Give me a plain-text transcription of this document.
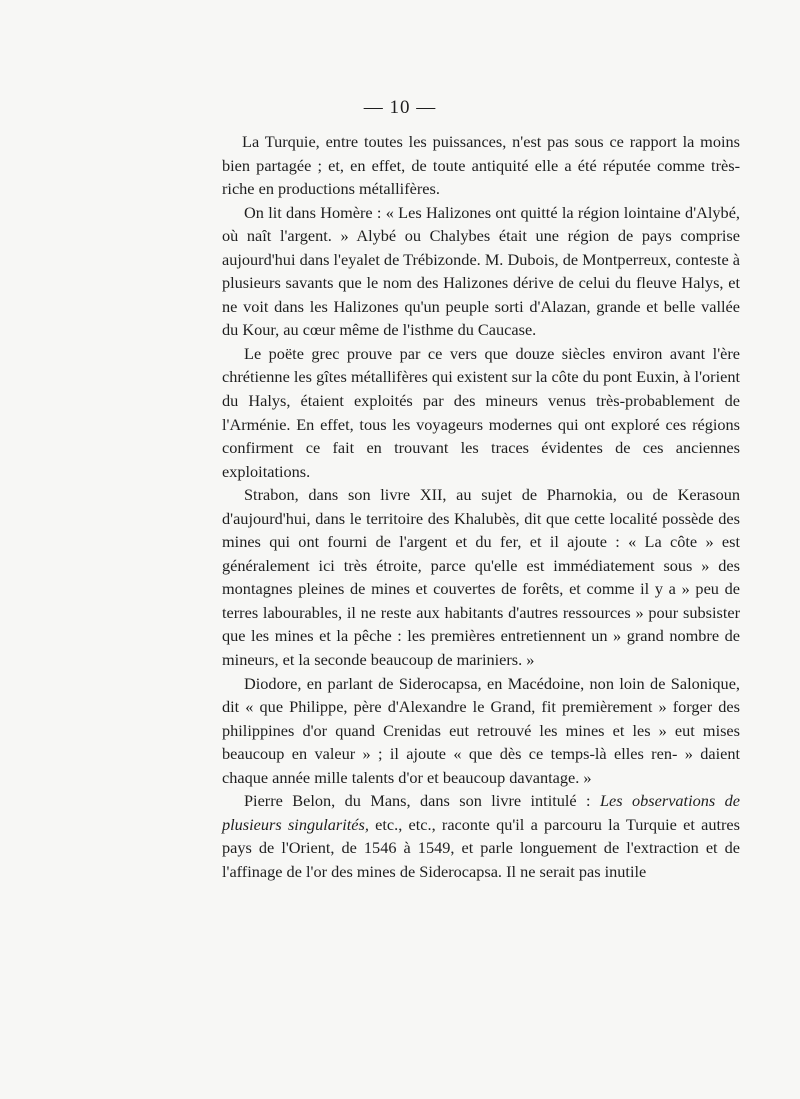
— 10 —

La Turquie, entre toutes les puissances, n'est pas sous ce rapport la moins bien partagée ; et, en effet, de toute antiquité elle a été réputée comme très-riche en productions métallifères.

On lit dans Homère : « Les Halizones ont quitté la région lointaine d'Alybé, où naît l'argent. » Alybé ou Chalybes était une région de pays comprise aujourd'hui dans l'eyalet de Trébizonde. M. Dubois, de Montperreux, conteste à plusieurs savants que le nom des Halizones dérive de celui du fleuve Halys, et ne voit dans les Halizones qu'un peuple sorti d'Alazan, grande et belle vallée du Kour, au cœur même de l'isthme du Caucase.

Le poëte grec prouve par ce vers que douze siècles environ avant l'ère chrétienne les gîtes métallifères qui existent sur la côte du pont Euxin, à l'orient du Halys, étaient exploités par des mineurs venus très-probablement de l'Arménie. En effet, tous les voyageurs modernes qui ont exploré ces régions confirment ce fait en trouvant les traces évidentes de ces anciennes exploitations.

Strabon, dans son livre XII, au sujet de Pharnokia, ou de Kerasoun d'aujourd'hui, dans le territoire des Khalubès, dit que cette localité possède des mines qui ont fourni de l'argent et du fer, et il ajoute : « La côte » est généralement ici très étroite, parce qu'elle est immédiatement sous » des montagnes pleines de mines et couvertes de forêts, et comme il y a » peu de terres labourables, il ne reste aux habitants d'autres ressources » pour subsister que les mines et la pêche : les premières entretiennent un » grand nombre de mineurs, et la seconde beaucoup de mariniers. »

Diodore, en parlant de Siderocapsa, en Macédoine, non loin de Salonique, dit « que Philippe, père d'Alexandre le Grand, fit premièrement » forger des philippines d'or quand Crenidas eut retrouvé les mines et les » eut mises beaucoup en valeur » ; il ajoute « que dès ce temps-là elles ren- » daient chaque année mille talents d'or et beaucoup davantage. »

Pierre Belon, du Mans, dans son livre intitulé : Les observations de plusieurs singularités, etc., etc., raconte qu'il a parcouru la Turquie et autres pays de l'Orient, de 1546 à 1549, et parle longuement de l'extraction et de l'affinage de l'or des mines de Siderocapsa. Il ne serait pas inutile
